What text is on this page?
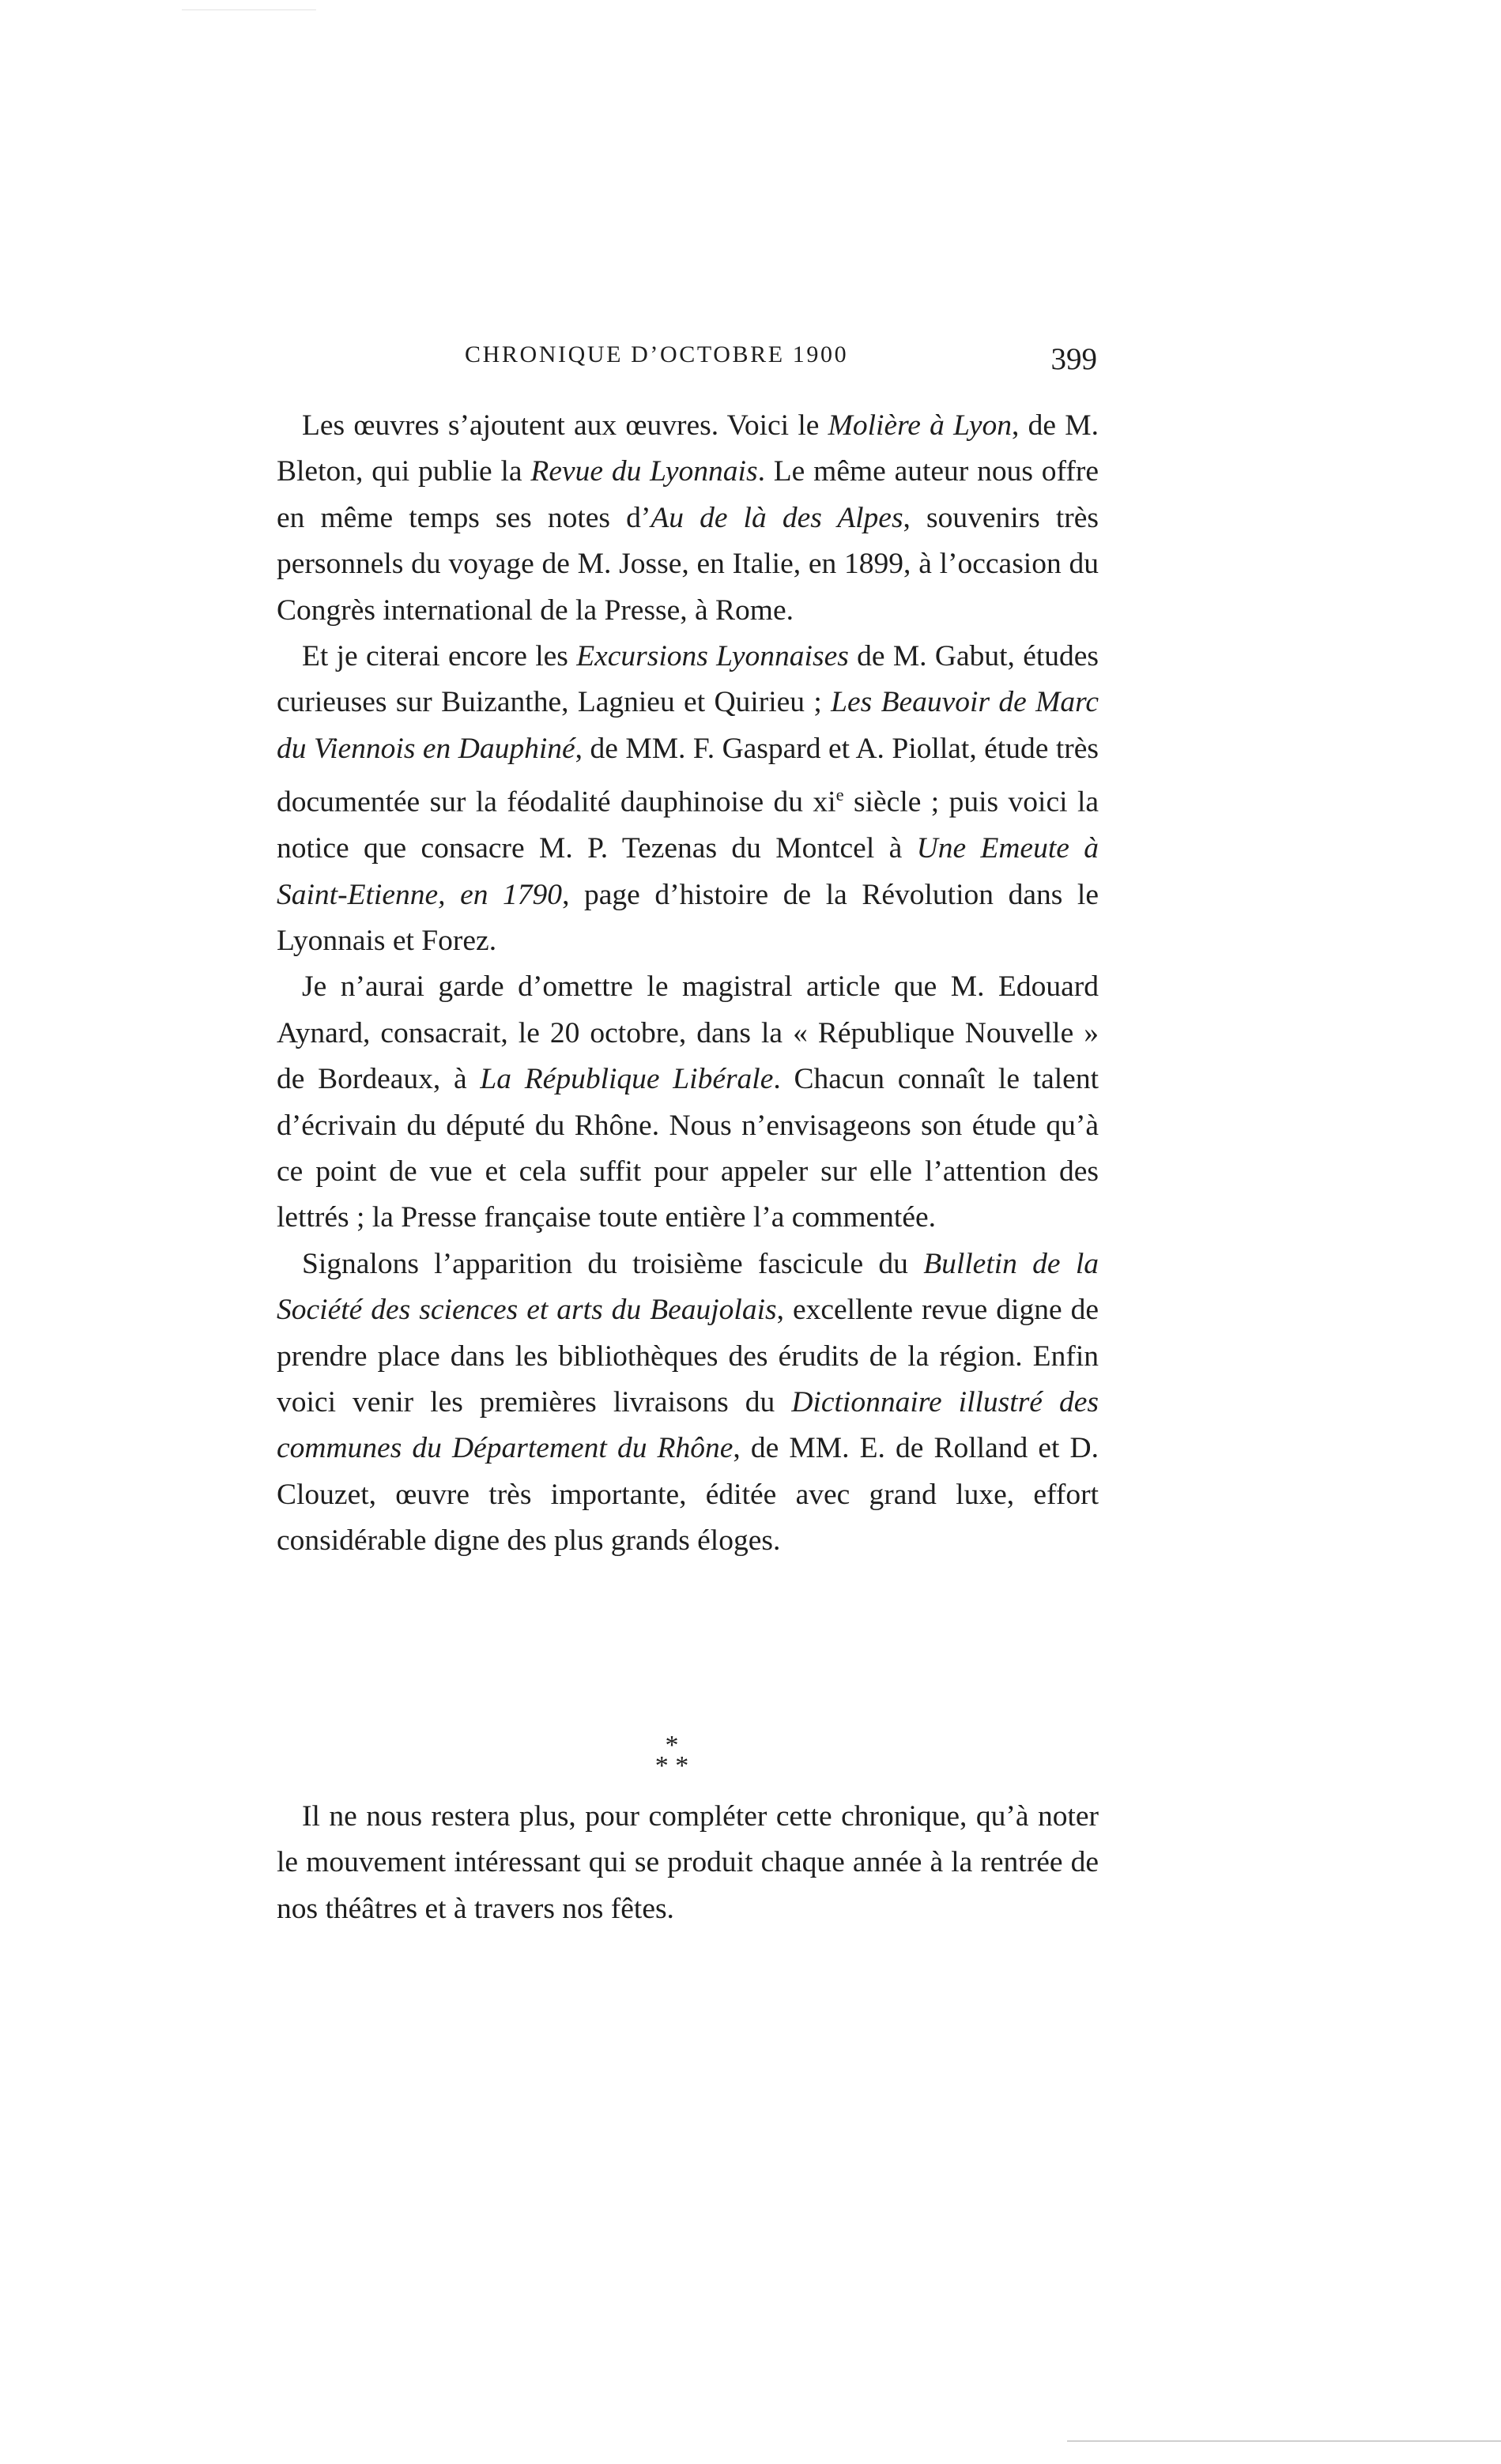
CHRONIQUE D’OCTOBRE 1900	399

Les œuvres s’ajoutent aux œuvres. Voici le Molière à Lyon, de M. Bleton, qui publie la Revue du Lyonnais. Le même auteur nous offre en même temps ses notes d’Au de là des Alpes, souvenirs très personnels du voyage de M. Josse, en Italie, en 1899, à l’occasion du Congrès international de la Presse, à Rome.

Et je citerai encore les Excursions Lyonnaises de M. Gabut, études curieuses sur Buizanthe, Lagnieu et Quirieu ; Les Beauvoir de Marc du Viennois en Dauphiné, de MM. F. Gaspard et A. Piollat, étude très documentée sur la féodalité dauphinoise du $xi^e$ siècle ; puis voici la notice que consacre M. P. Tezenas du Montcel à Une Emeute à Saint-Etienne, en 1790, page d’histoire de la Révolution dans le Lyonnais et Forez.

Je n’aurai garde d’omettre le magistral article que M. Edouard Aynard, consacrait, le 20 octobre, dans la « République Nouvelle » de Bordeaux, à La République Libérale. Chacun connaît le talent d’écrivain du député du Rhône. Nous n’envisageons son étude qu’à ce point de vue et cela suffit pour appeler sur elle l’attention des lettrés ; la Presse française toute entière l’a commentée.

Signalons l’apparition du troisième fascicule du Bulletin de la Société des sciences et arts du Beaujolais, excellente revue digne de prendre place dans les bibliothèques des érudits de la région. Enfin voici venir les premières livraisons du Dictionnaire illustré des communes du Département du Rhône, de MM. E. de Rolland et D. Clouzet, œuvre très importante, éditée avec grand luxe, effort considérable digne des plus grands éloges.

*
* *

Il ne nous restera plus, pour compléter cette chronique, qu’à noter le mouvement intéressant qui se produit chaque année à la rentrée de nos théâtres et à travers nos fêtes.
